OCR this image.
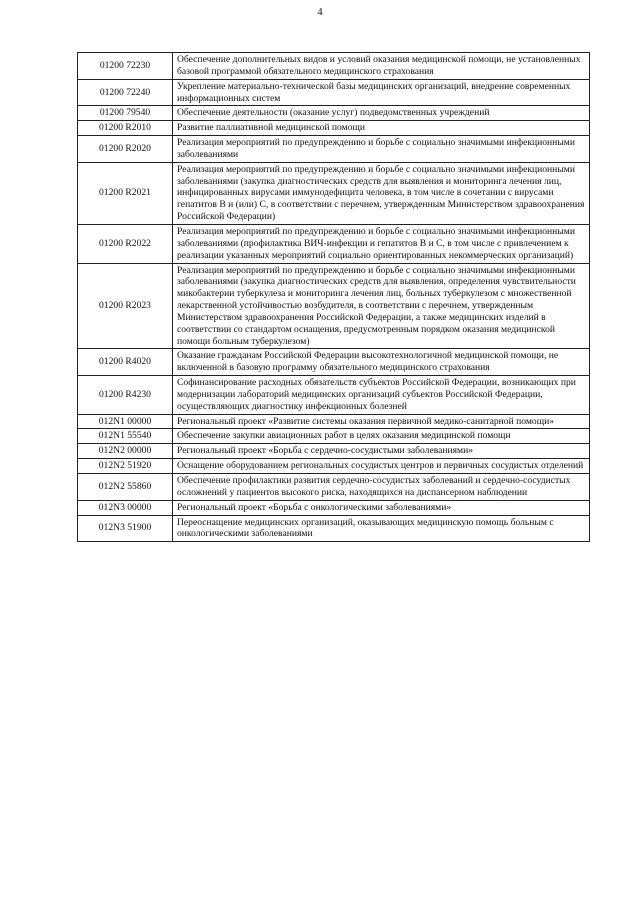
4
01200 72230	Обеспечение дополнительных видов и условий оказания медицинской помощи, не установленных базовой программой обязательного медицинского страхования
01200 72240	Укрепление материально-технической базы медицинских организаций, внедрение современных информационных систем
01200 79540	Обеспечение деятельности (оказание услуг) подведомственных учреждений
01200 R2010	Развитие паллиативной медицинской помощи
01200 R2020	Реализация мероприятий по предупреждению и борьбе с социально значимыми инфекционными заболеваниями
01200 R2021	Реализация мероприятий по предупреждению и борьбе с социально значимыми инфекционными заболеваниями (закупка диагностических средств для выявления и мониторинга лечения лиц, инфицированных вирусами иммунодефицита человека, в том числе в сочетании с вирусами гепатитов В и (или) С, в соответствии с перечнем, утвержденным Министерством здравоохранения Российской Федерации)
01200 R2022	Реализация мероприятий по предупреждению и борьбе с социально значимыми инфекционными заболеваниями (профилактика ВИЧ-инфекции и гепатитов В и С, в том числе с привлечением к реализации указанных мероприятий социально ориентированных некоммерческих организаций)
01200 R2023	Реализация мероприятий по предупреждению и борьбе с социально значимыми инфекционными заболеваниями (закупка диагностических средств для выявления, определения чувствительности микобактерии туберкулеза и мониторинга лечения лиц, больных туберкулезом с множественной лекарственной устойчивостью возбудителя, в соответствии с перечнем, утвержденным Министерством здравоохранения Российской Федерации, а также медицинских изделий в соответствии со стандартом оснащения, предусмотренным порядком оказания медицинской помощи больным туберкулезом)
01200 R4020	Оказание гражданам Российской Федерации высокотехнологичной медицинской помощи, не включенной в базовую программу обязательного медицинского страхования
01200 R4230	Софинансирование расходных обязательств субъектов Российской Федерации, возникающих при модернизации лабораторий медицинских организаций субъектов Российской Федерации, осуществляющих диагностику инфекционных болезней
012N1 00000	Региональный проект «Развитие системы оказания первичной медико-санитарной помощи»
012N1 55540	Обеспечение закупки авиационных работ в целях оказания медицинской помощи
012N2 00000	Региональный проект «Борьба с сердечно-сосудистыми заболеваниями»
012N2 51920	Оснащение оборудованием региональных сосудистых центров и первичных сосудистых отделений
012N2 55860	Обеспечение профилактики развития сердечно-сосудистых заболеваний и сердечно-сосудистых осложнений у пациентов высокого риска, находящихся на диспансерном наблюдении
012N3 00000	Региональный проект «Борьба с онкологическими заболеваниями»
012N3 51900	Переоснащение медицинских организаций, оказывающих медицинскую помощь больным с онкологическими заболеваниями
